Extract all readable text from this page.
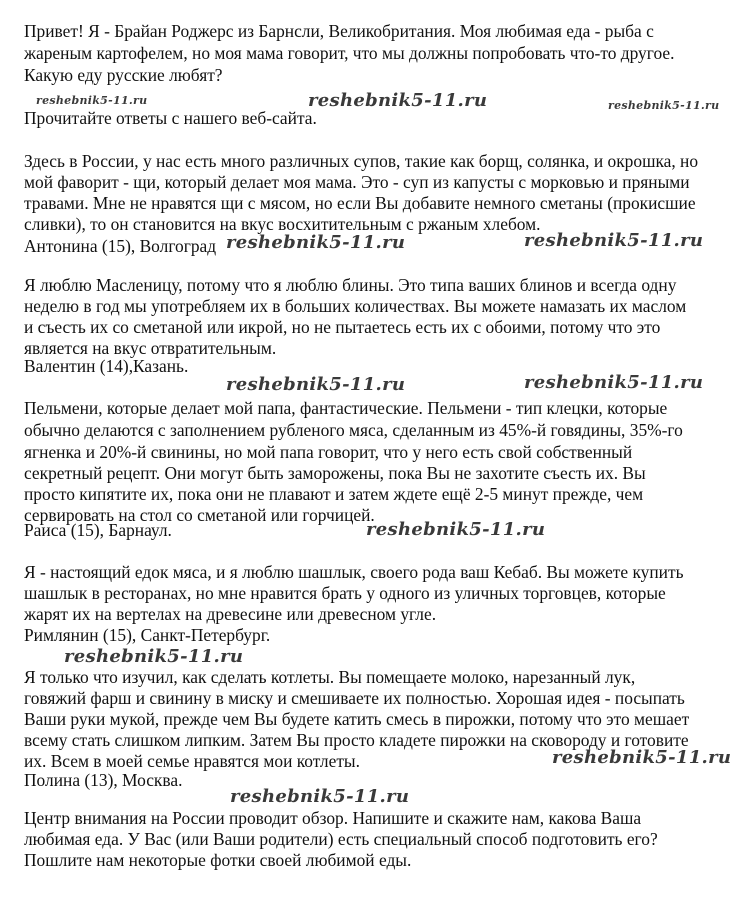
Привет! Я - Брайан Роджерс из Барнсли, Великобритания. Моя любимая еда - рыба с
жареным картофелем, но моя мама говорит, что мы должны попробовать что-то другое.
Какую еду русские любят?
Прочитайте ответы с нашего веб-сайта.
Здесь в России, у нас есть много различных супов, такие как борщ, солянка, и окрошка, но
мой фаворит - щи, который делает моя мама. Это - суп из капусты с морковью и пряными
травами. Мне не нравятся щи с мясом, но если Вы добавите немного сметаны (прокисшие
сливки), то он становится на вкус восхитительным с ржаным хлебом.
Антонина (15), Волгоград
Я люблю Масленицу, потому что я люблю блины. Это типа ваших блинов и всегда одну
неделю в год мы употребляем их в больших количествах. Вы можете намазать их маслом
и съесть их со сметаной или икрой, но не пытаетесь есть их с обоими, потому что это
является на вкус отвратительным.
Валентин (14),Казань.
Пельмени, которые делает мой папа, фантастические. Пельмени - тип клецки, которые
обычно делаются с заполнением рубленого мяса, сделанным из 45%-й говядины, 35%-го
ягненка и 20%-й свинины, но мой папа говорит, что у него есть свой собственный
секретный рецепт. Они могут быть заморожены, пока Вы не захотите съесть их. Вы
просто кипятите их, пока они не плавают и затем ждете ещё 2-5 минут прежде, чем
сервировать на стол со сметаной или горчицей.
Раиса (15), Барнаул.
Я - настоящий едок мяса, и я люблю шашлык, своего рода ваш Кебаб. Вы можете купить
шашлык в ресторанах, но мне нравится брать у одного из уличных торговцев, которые
жарят их на вертелах на древесине или древесном угле.
Римлянин (15), Санкт-Петербург.
Я только что изучил, как сделать котлеты. Вы помещаете молоко, нарезанный лук,
говяжий фарш и свинину в миску и смешиваете их полностью. Хорошая идея - посыпать
Ваши руки мукой, прежде чем Вы будете катить смесь в пирожки, потому что это мешает
всему стать слишком липким. Затем Вы просто кладете пирожки на сковороду и готовите
их. Всем в моей семье нравятся мои котлеты.
Полина (13), Москва.
Центр внимания на России проводит обзор. Напишите и скажите нам, какова Ваша
любимая еда. У Вас (или Ваши родители) есть специальный способ подготовить его?
Пошлите нам некоторые фотки своей любимой еды.
reshebnik5-11.ru	reshebnik5-11.ru	reshebnik5-11.ru
reshebnik5-11.ru	reshebnik5-11.ru
reshebnik5-11.ru	reshebnik5-11.ru
reshebnik5-11.ru
reshebnik5-11.ru
reshebnik5-11.ru
reshebnik5-11.ru
